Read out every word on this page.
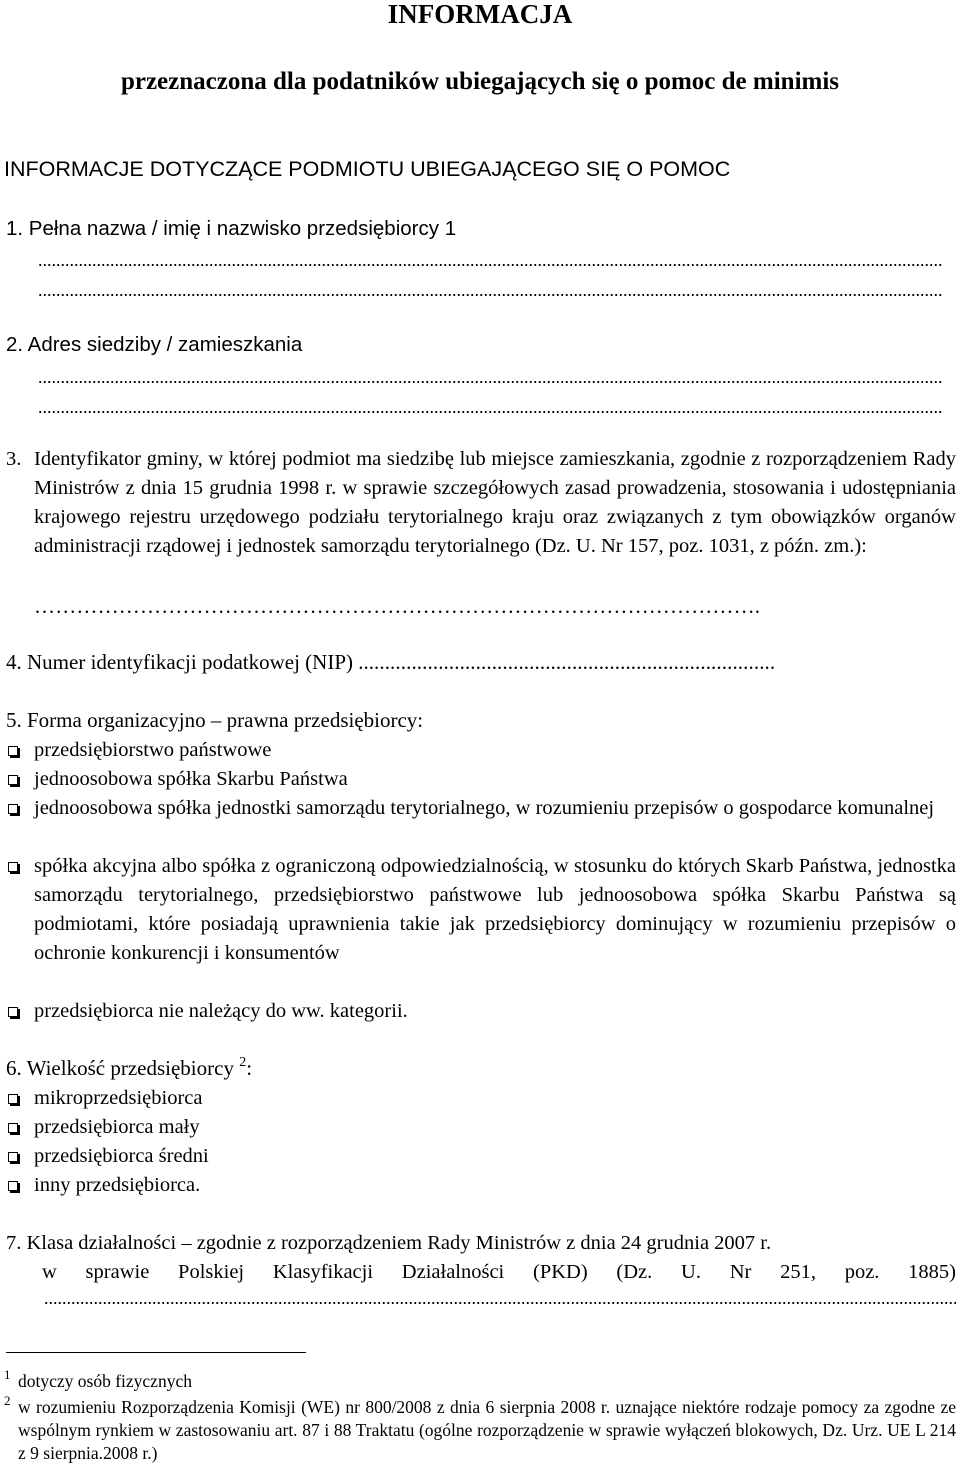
INFORMACJA
przeznaczona dla podatników ubiegających się o pomoc de minimis
INFORMACJE DOTYCZĄCE PODMIOTU UBIEGAJĄCEGO SIĘ O POMOC
1. Pełna nazwa / imię i nazwisko przedsiębiorcy 1
2. Adres siedziby / zamieszkania
3. Identyfikator gminy, w której podmiot ma siedzibę lub miejsce zamieszkania, zgodnie z rozporządzeniem Rady Ministrów z dnia 15 grudnia 1998 r. w sprawie szczegółowych zasad prowadzenia, stosowania i udostępniania krajowego rejestru urzędowego podziału terytorialnego kraju oraz związanych z tym obowiązków organów administracji rządowej i jednostek samorządu terytorialnego (Dz. U. Nr 157, poz. 1031, z późn. zm.):
………………………………………………………………………………………….
4. Numer identyfikacji podatkowej (NIP) ..............................................................................
5. Forma organizacyjno – prawna przedsiębiorcy:
przedsiębiorstwo państwowe
jednoosobowa spółka Skarbu Państwa
jednoosobowa spółka jednostki samorządu terytorialnego, w rozumieniu przepisów o gospodarce komunalnej
spółka akcyjna albo spółka z ograniczoną odpowiedzialnością, w stosunku do których Skarb Państwa, jednostka samorządu terytorialnego, przedsiębiorstwo państwowe lub jednoosobowa spółka Skarbu Państwa są podmiotami, które posiadają uprawnienia takie jak przedsiębiorcy dominujący w rozumieniu przepisów o ochronie konkurencji i konsumentów
przedsiębiorca nie należący do ww. kategorii.
6. Wielkość przedsiębiorcy $^2$:
mikroprzedsiębiorca
przedsiębiorca mały
przedsiębiorca średni
inny przedsiębiorca.
7. Klasa działalności – zgodnie z rozporządzeniem Rady Ministrów z dnia 24 grudnia 2007 r.
w sprawie Polskiej Klasyfikacji Działalności (PKD) (Dz. U. Nr 251, poz. 1885)
1 dotyczy osób fizycznych
2 w rozumieniu Rozporządzenia Komisji (WE) nr 800/2008 z dnia 6 sierpnia 2008 r. uznające niektóre rodzaje pomocy za zgodne ze wspólnym rynkiem w zastosowaniu art. 87 i 88 Traktatu (ogólne rozporządzenie w sprawie wyłączeń blokowych, Dz. Urz. UE L 214 z 9 sierpnia.2008 r.)
